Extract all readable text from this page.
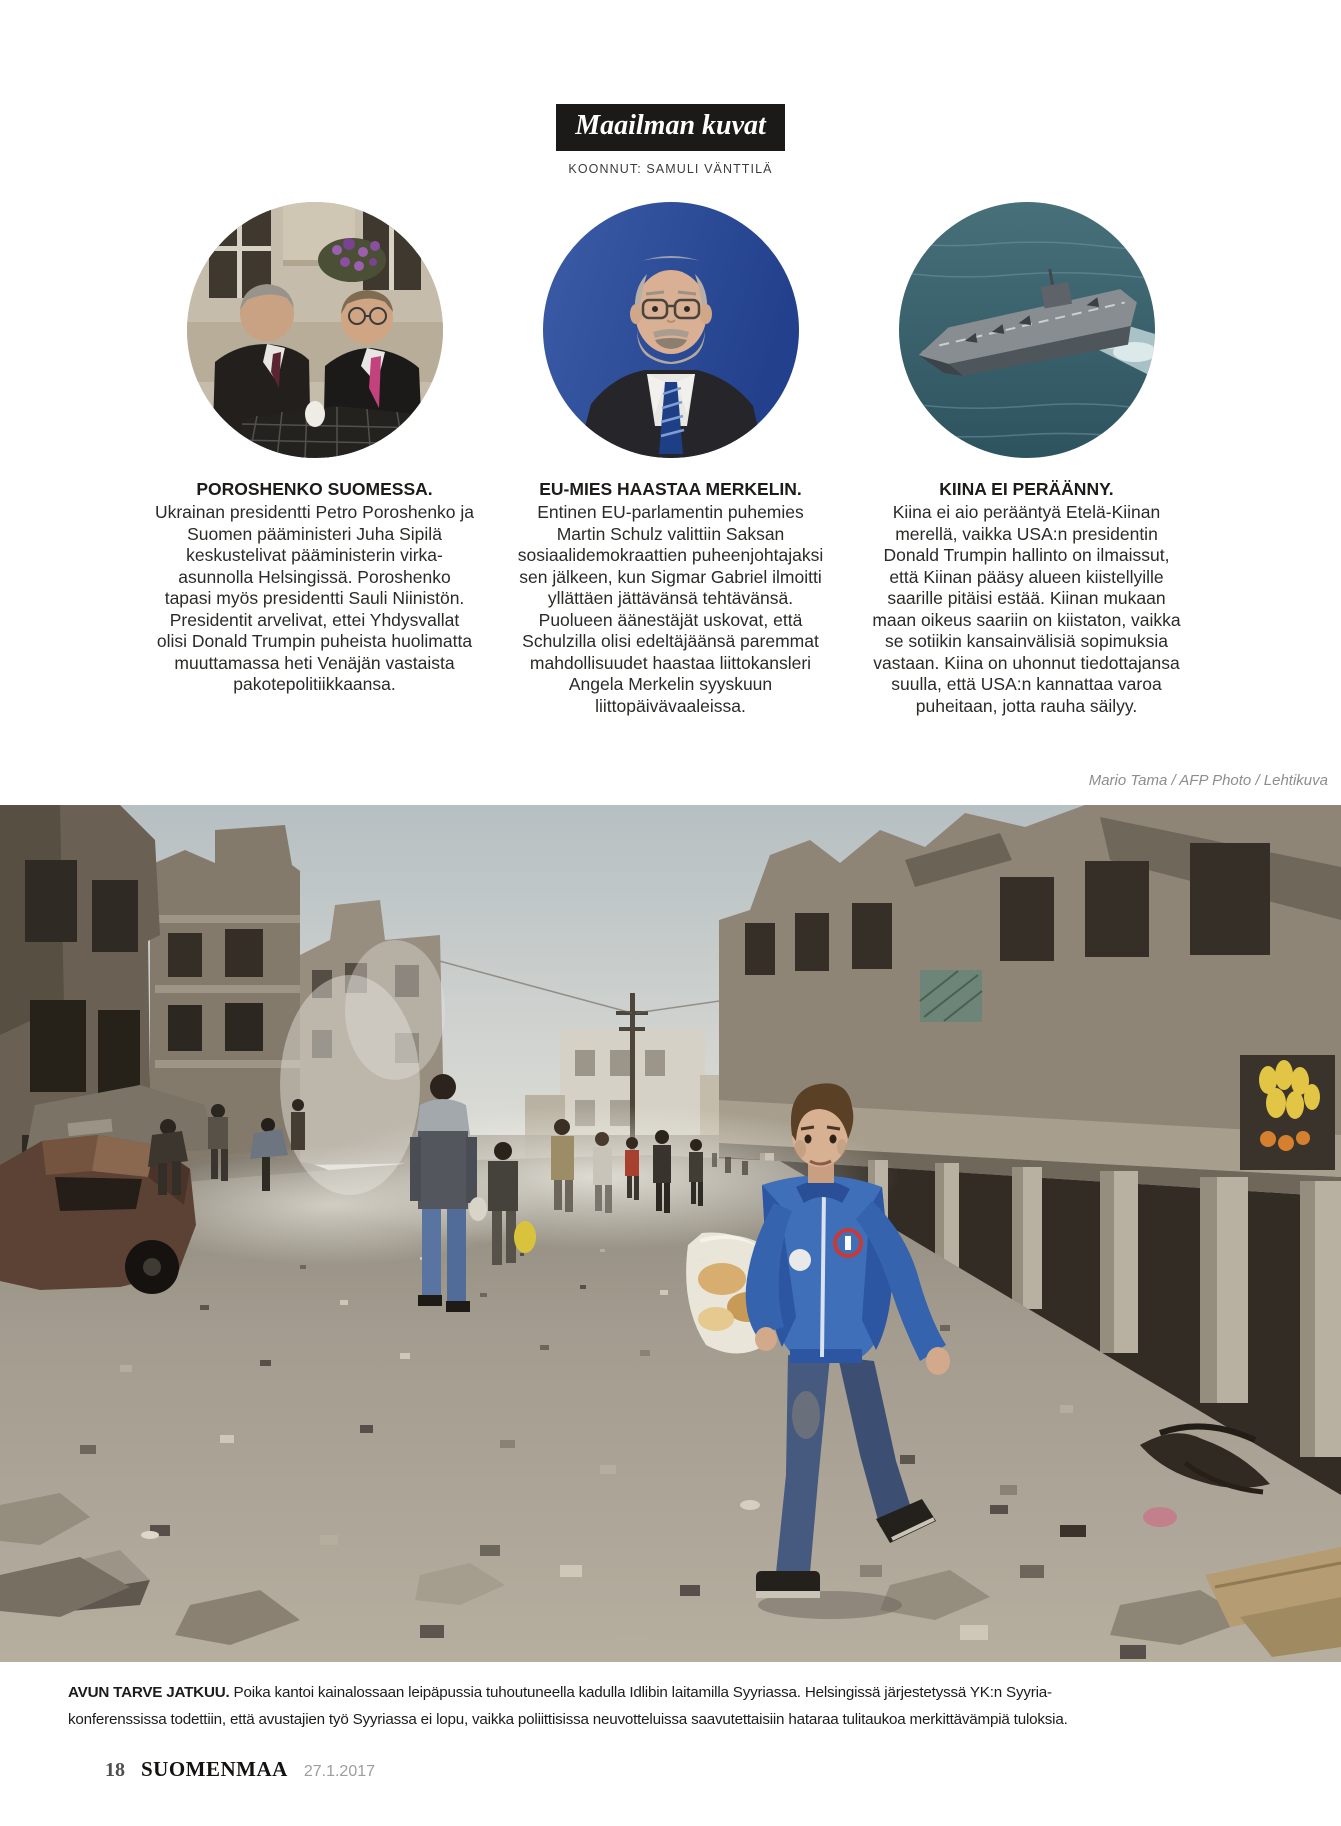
Maailman kuvat
KOONNUT: SAMULI VÄNTTILÄ
POROSHENKO SUOMESSA.

Ukrainan presidentti Petro Poroshenko ja Suomen pääministeri Juha Sipilä keskustelivat pääministerin virka-asunnolla Helsingissä. Poroshenko tapasi myös presidentti Sauli Niinistön. Presidentit arvelivat, ettei Yhdysvallat olisi Donald Trumpin puheista huolimatta muuttamassa heti Venäjän vastaista pakotepolitiikkaansa.

EU-MIES HAASTAA MERKELIN.

Entinen EU-parlamentin puhemies Martin Schulz valittiin Saksan sosiaalidemokraattien puheenjohtajaksi sen jälkeen, kun Sigmar Gabriel ilmoitti yllättäen jättävänsä tehtävänsä. Puolueen äänestäjät uskovat, että Schulzilla olisi edeltäjäänsä paremmat mahdollisuudet haastaa liittokansleri Angela Merkelin syyskuun liittopäivävaaleissa.

KIINA EI PERÄÄNNY.

Kiina ei aio perääntyä Etelä-Kiinan merellä, vaikka USA:n presidentin Donald Trumpin hallinto on ilmaissut, että Kiinan pääsy alueen kiistellyille saarille pitäisi estää. Kiinan mukaan maan oikeus saariin on kiistaton, vaikka se sotiikin kansainvälisiä sopimuksia vastaan. Kiina on uhonnut tiedottajansa suulla, että USA:n kannattaa varoa puheitaan, jotta rauha säilyy.

Mario Tama / AFP Photo / Lehtikuva

AVUN TARVE JATKUU. Poika kantoi kainalossaan leipäpussia tuhoutuneella kadulla Idlibin laitamilla Syyriassa. Helsingissä järjestetyssä YK:n Syyria-
konferenssissa todettiin, että avustajien työ Syyriassa ei lopu, vaikka poliittisissa neuvotteluissa saavutettaisiin hataraa tulitaukoa merkittävämpiä tuloksia.

18 SUOMENMAA 27.1.2017
